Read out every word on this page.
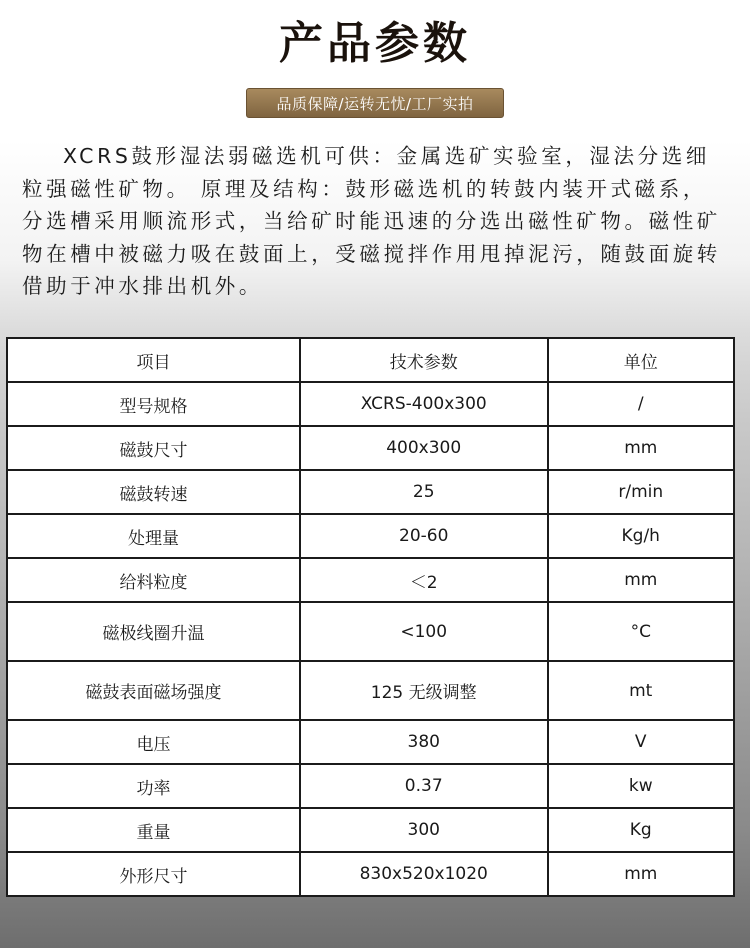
产品参数
品质保障/运转无忧/工厂实拍
XCRS鼓形湿法弱磁选机可供：金属选矿实验室，湿法分选细粒强磁性矿物。 原理及结构：鼓形磁选机的转鼓内装开式磁系，分选槽采用顺流形式，当给矿时能迅速的分选出磁性矿物。磁性矿物在槽中被磁力吸在鼓面上，受磁搅拌作用甩掉泥污，随鼓面旋转借助于冲水排出机外。
项目	技术参数	单位
型号规格	XCRS-400x300	/
磁鼓尺寸	400x300	mm
磁鼓转速	25	r/min
处理量	20-60	Kg/h
给料粒度	＜2	mm
磁极线圈升温	<100	°C
磁鼓表面磁场强度	125 无级调整	mt
电压	380	V
功率	0.37	kw
重量	300	Kg
外形尺寸	830x520x1020	mm
